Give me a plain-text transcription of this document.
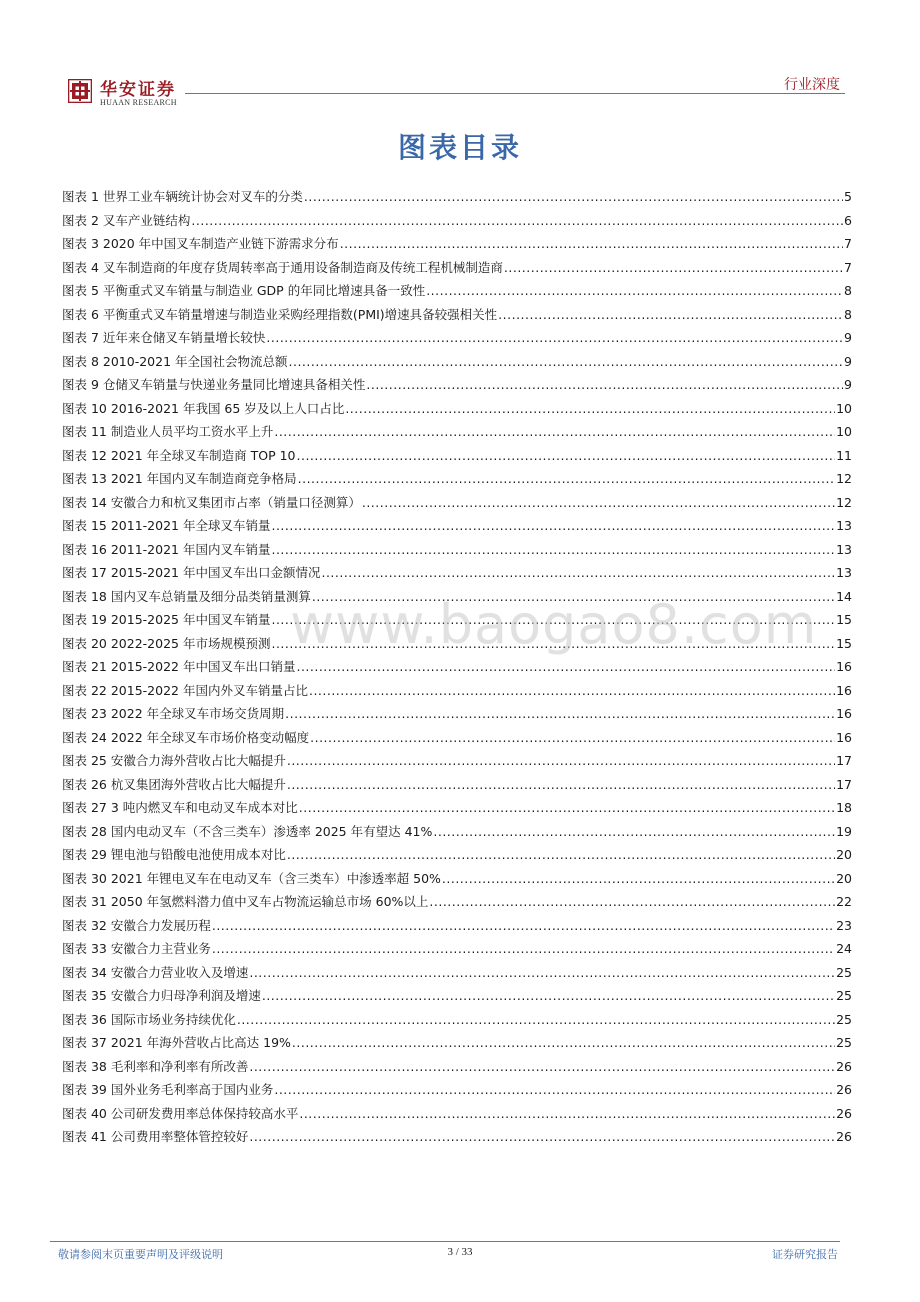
华安证券
HUAAN RESEARCH
行业深度
图表目录
图表 1 世界工业车辆统计协会对叉车的分类 .....	5
图表 2 叉车产业链结构 .....	6
图表 3 2020 年中国叉车制造产业链下游需求分布 .....	7
图表 4 叉车制造商的年度存货周转率高于通用设备制造商及传统工程机械制造商 .....	7
图表 5 平衡重式叉车销量与制造业 GDP 的年同比增速具备一致性 .....	8
图表 6 平衡重式叉车销量增速与制造业采购经理指数(PMI)增速具备较强相关性 .....	8
图表 7 近年来仓储叉车销量增长较快 .....	9
图表 8 2010-2021 年全国社会物流总额 .....	9
图表 9 仓储叉车销量与快递业务量同比增速具备相关性 .....	9
图表 10 2016-2021 年我国 65 岁及以上人口占比 .....	10
图表 11 制造业人员平均工资水平上升 .....	10
图表 12 2021 年全球叉车制造商 TOP 10 .....	11
图表 13 2021 年国内叉车制造商竞争格局 .....	12
图表 14 安徽合力和杭叉集团市占率（销量口径测算） .....	12
图表 15 2011-2021 年全球叉车销量 .....	13
图表 16 2011-2021 年国内叉车销量 .....	13
图表 17 2015-2021 年中国叉车出口金额情况 .....	13
图表 18 国内叉车总销量及细分品类销量测算 .....	14
图表 19 2015-2025 年中国叉车销量 .....	15
图表 20 2022-2025 年市场规模预测 .....	15
图表 21 2015-2022 年中国叉车出口销量 .....	16
图表 22 2015-2022 年国内外叉车销量占比 .....	16
图表 23 2022 年全球叉车市场交货周期 .....	16
图表 24 2022 年全球叉车市场价格变动幅度 .....	16
图表 25 安徽合力海外营收占比大幅提升 .....	17
图表 26 杭叉集团海外营收占比大幅提升 .....	17
图表 27 3 吨内燃叉车和电动叉车成本对比 .....	18
图表 28 国内电动叉车（不含三类车）渗透率 2025 年有望达 41% .....	19
图表 29 锂电池与铅酸电池使用成本对比 .....	20
图表 30 2021 年锂电叉车在电动叉车（含三类车）中渗透率超 50% .....	20
图表 31 2050 年氢燃料潜力值中叉车占物流运输总市场 60%以上 .....	22
图表 32 安徽合力发展历程 .....	23
图表 33 安徽合力主营业务 .....	24
图表 34 安徽合力营业收入及增速 .....	25
图表 35 安徽合力归母净利润及增速 .....	25
图表 36 国际市场业务持续优化 .....	25
图表 37 2021 年海外营收占比高达 19% .....	25
图表 38 毛利率和净利率有所改善 .....	26
图表 39 国外业务毛利率高于国内业务 .....	26
图表 40 公司研发费用率总体保持较高水平 .....	26
图表 41 公司费用率整体管控较好 .....	26
www.baogao8.com
敬请参阅末页重要声明及评级说明	3 / 33	证券研究报告
